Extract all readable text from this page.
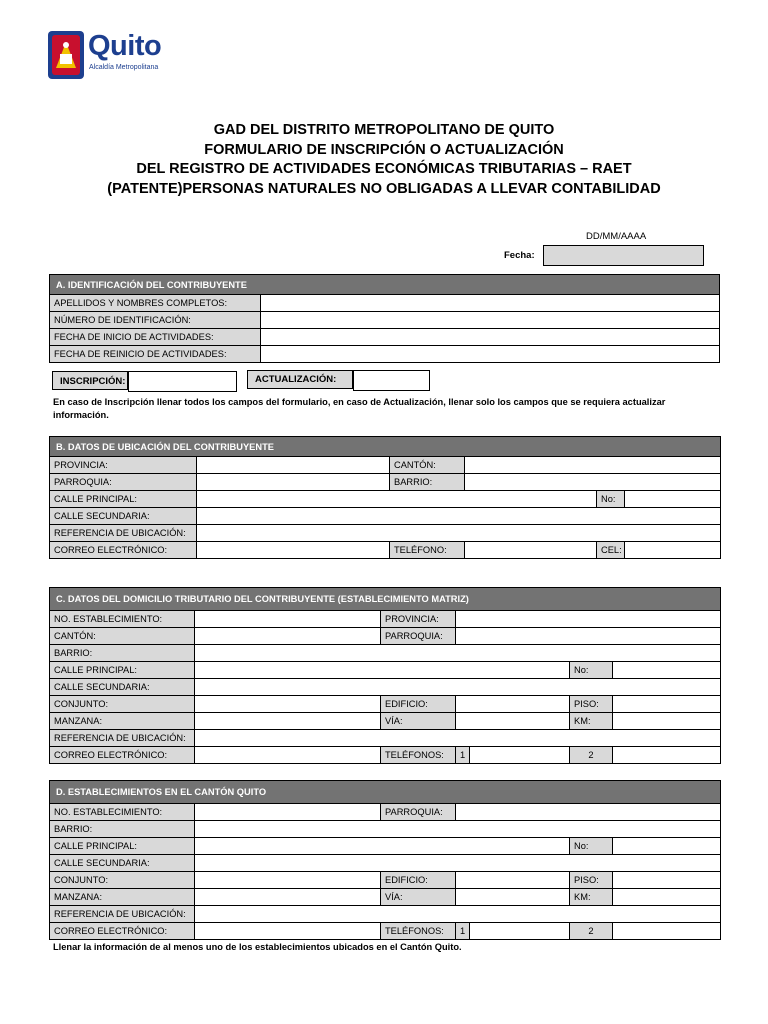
Quito
Alcaldía Metropolitana
GAD DEL DISTRITO METROPOLITANO DE QUITO
FORMULARIO DE INSCRIPCIÓN O ACTUALIZACIÓN
DEL REGISTRO DE ACTIVIDADES ECONÓMICAS TRIBUTARIAS – RAET
(PATENTE)PERSONAS NATURALES NO OBLIGADAS A LLEVAR CONTABILIDAD
DD/MM/AAAA
Fecha:
A. IDENTIFICACIÓN DEL CONTRIBUYENTE	
APELLIDOS Y NOMBRES COMPLETOS:	
NÚMERO DE IDENTIFICACIÓN:	
FECHA DE INICIO DE ACTIVIDADES:	
FECHA DE REINICIO DE ACTIVIDADES:	
INSCRIPCIÓN:	ACTUALIZACIÓN:
En caso de Inscripción llenar todos los campos del formulario, en caso de Actualización, llenar solo los campos que se requiera actualizar información.
B. DATOS DE UBICACIÓN DEL CONTRIBUYENTE					
PROVINCIA:		CANTÓN:			
PARROQUIA:		BARRIO:			
CALLE PRINCIPAL:				No:	
CALLE SECUNDARIA:					
REFERENCIA DE UBICACIÓN:					
CORREO ELECTRÓNICO:		TELÉFONO:		CEL:	
C. DATOS DEL DOMICILIO TRIBUTARIO DEL CONTRIBUYENTE (ESTABLECIMIENTO MATRIZ)						
NO. ESTABLECIMIENTO:		PROVINCIA:				
CANTÓN:		PARROQUIA:				
BARRIO:						
CALLE PRINCIPAL:					No:	
CALLE SECUNDARIA:						
CONJUNTO:		EDIFICIO:			PISO:	
MANZANA:		VÍA:			KM:	
REFERENCIA DE UBICACIÓN:						
CORREO ELECTRÓNICO:		TELÉFONOS:	1		2	
D. ESTABLECIMIENTOS EN EL CANTÓN QUITO						
NO. ESTABLECIMIENTO:		PARROQUIA:				
BARRIO:						
CALLE PRINCIPAL:					No:	
CALLE SECUNDARIA:						
CONJUNTO:		EDIFICIO:			PISO:	
MANZANA:		VÍA:			KM:	
REFERENCIA DE UBICACIÓN:						
CORREO ELECTRÓNICO:		TELÉFONOS:	1		2	
Llenar la información de al menos uno de los establecimientos ubicados en el Cantón Quito.
